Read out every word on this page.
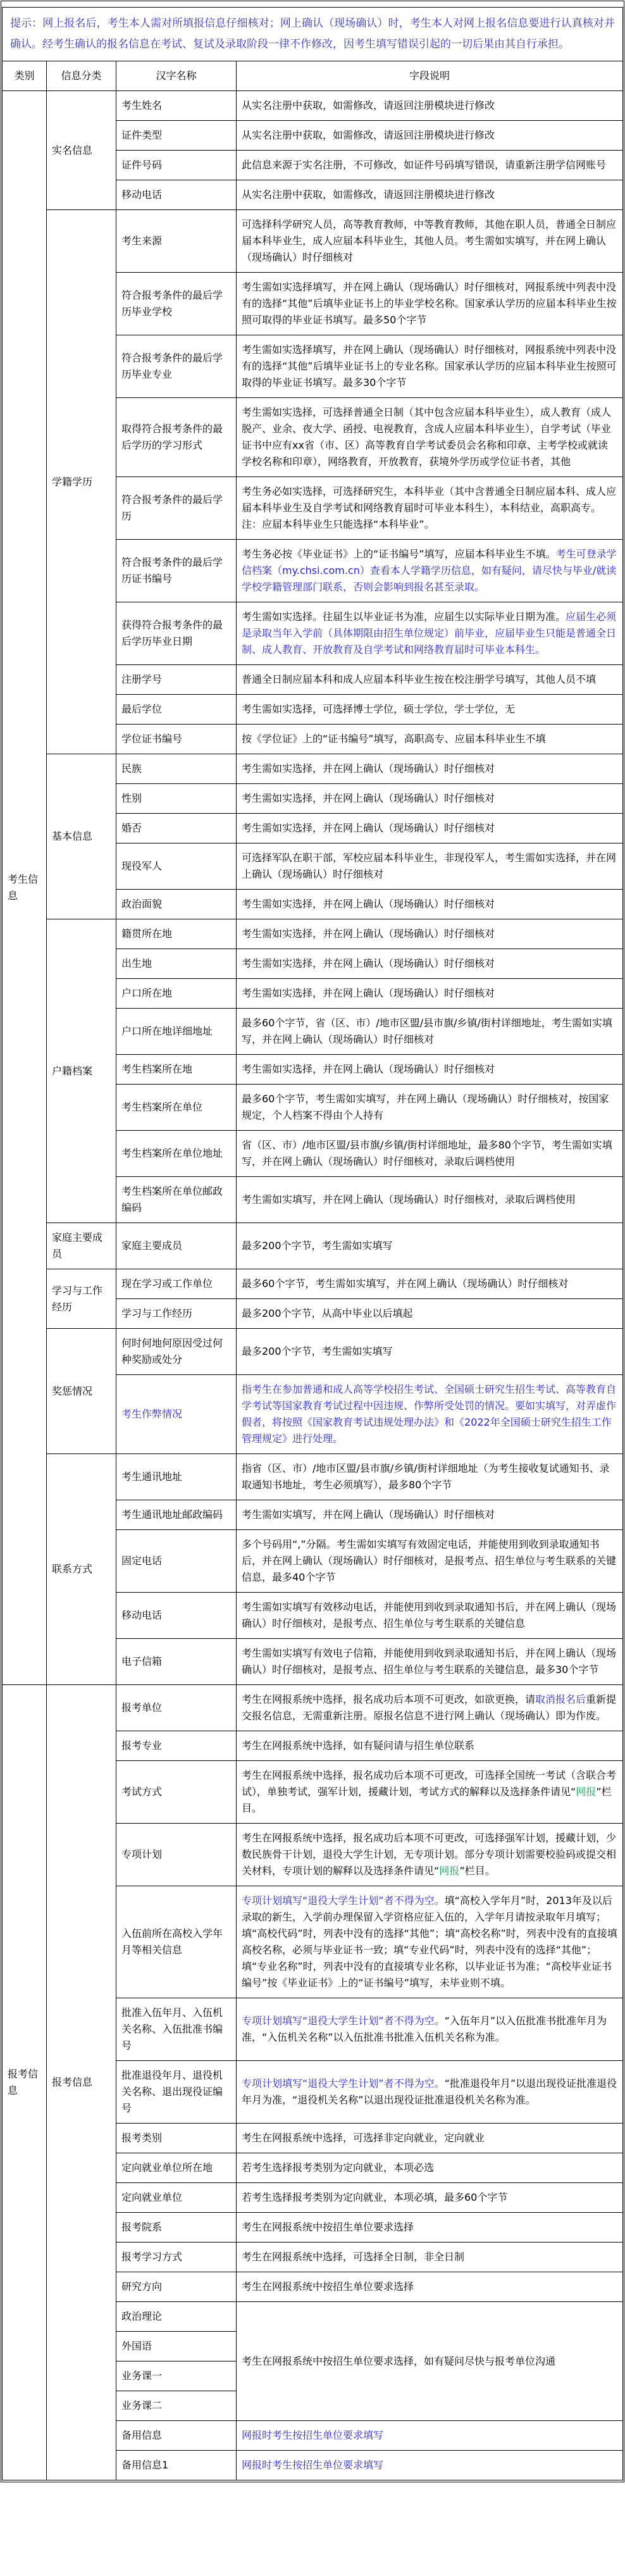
提示：网上报名后，考生本人需对所填报信息仔细核对；网上确认（现场确认）时，考生本人对网上报名信息要进行认真核对并确认。经考生确认的报名信息在考试、复试及录取阶段一律不作修改，因考生填写错误引起的一切后果由其自行承担。
类别	信息分类	汉字名称	字段说明
考生信息	实名信息	考生姓名	从实名注册中获取，如需修改，请返回注册模块进行修改
		证件类型	从实名注册中获取，如需修改，请返回注册模块进行修改
		证件号码	此信息来源于实名注册，不可修改，如证件号码填写错误，请重新注册学信网账号
		移动电话	从实名注册中获取，如需修改，请返回注册模块进行修改
	学籍学历	考生来源	可选择科学研究人员，高等教育教师，中等教育教师，其他在职人员，普通全日制应届本科毕业生，成人应届本科毕业生，其他人员。考生需如实填写，并在网上确认（现场确认）时仔细核对
		符合报考条件的最后学历毕业学校	考生需如实选择填写，并在网上确认（现场确认）时仔细核对，网报系统中列表中没有的选择“其他”后填毕业证书上的毕业学校名称。国家承认学历的应届本科毕业生按照可取得的毕业证书填写。最多50个字节
		符合报考条件的最后学历毕业专业	考生需如实选择填写，并在网上确认（现场确认）时仔细核对，网报系统中列表中没有的选择“其他”后填毕业证书上的专业名称。国家承认学历的应届本科毕业生按照可取得的毕业证书填写。最多30个字节
		取得符合报考条件的最后学历的学习形式	考生需如实选择，可选择普通全日制（其中包含应届本科毕业生），成人教育（成人脱产、业余、夜大学、函授、电视教育，含成人应届本科毕业生），自学考试（毕业证书中应有xx省（市、区）高等教育自学考试委员会名称和印章、主考学校或就读学校名称和印章），网络教育，开放教育，获境外学历或学位证书者，其他
		符合报考条件的最后学历	考生务必如实选择，可选择研究生，本科毕业（其中含普通全日制应届本科、成人应届本科毕业生及自学考试和网络教育届时可毕业本科生），本科结业，高职高专。注：应届本科毕业生只能选择“本科毕业”。
		符合报考条件的最后学历证书编号	考生务必按《毕业证书》上的“证书编号”填写，应届本科毕业生不填。考生可登录学信档案（my.chsi.com.cn）查看本人学籍学历信息，如有疑问，请尽快与毕业/就读学校学籍管理部门联系，否则会影响到报名甚至录取。
		获得符合报考条件的最后学历毕业日期	考生需如实选择。往届生以毕业证书为准，应届生以实际毕业日期为准。应届生必须是录取当年入学前（具体期限由招生单位规定）前毕业，应届毕业生只能是普通全日制、成人教育、开放教育及自学考试和网络教育届时可毕业本科生。
		注册学号	普通全日制应届本科和成人应届本科毕业生按在校注册学号填写，其他人员不填
		最后学位	考生需如实选择，可选择博士学位，硕士学位，学士学位，无
		学位证书编号	按《学位证》上的“证书编号”填写，高职高专、应届本科毕业生不填
	基本信息	民族	考生需如实选择，并在网上确认（现场确认）时仔细核对
		性别	考生需如实选择，并在网上确认（现场确认）时仔细核对
		婚否	考生需如实选择，并在网上确认（现场确认）时仔细核对
		现役军人	可选择军队在职干部，军校应届本科毕业生，非现役军人，考生需如实选择，并在网上确认（现场确认）时仔细核对
		政治面貌	考生需如实选择，并在网上确认（现场确认）时仔细核对
	户籍档案	籍贯所在地	考生需如实选择，并在网上确认（现场确认）时仔细核对
		出生地	考生需如实选择，并在网上确认（现场确认）时仔细核对
		户口所在地	考生需如实选择，并在网上确认（现场确认）时仔细核对
		户口所在地详细地址	最多60个字节，省（区、市）/地市区盟/县市旗/乡镇/街村详细地址，考生需如实填写，并在网上确认（现场确认）时仔细核对
		考生档案所在地	考生需如实选择，并在网上确认（现场确认）时仔细核对
		考生档案所在单位	最多60个字节，考生需如实填写，并在网上确认（现场确认）时仔细核对，按国家规定，个人档案不得由个人持有
		考生档案所在单位地址	省（区、市）/地市区盟/县市旗/乡镇/街村详细地址，最多80个字节，考生需如实填写，并在网上确认（现场确认）时仔细核对，录取后调档使用
		考生档案所在单位邮政编码	考生需如实填写，并在网上确认（现场确认）时仔细核对，录取后调档使用
	家庭主要成员	家庭主要成员	最多200个字节，考生需如实填写
	学习与工作经历	现在学习或工作单位	最多60个字节，考生需如实填写，并在网上确认（现场确认）时仔细核对
		学习与工作经历	最多200个字节，从高中毕业以后填起
	奖惩情况	何时何地何原因受过何种奖励或处分	最多200个字节，考生需如实填写
		考生作弊情况	指考生在参加普通和成人高等学校招生考试、全国硕士研究生招生考试、高等教育自学考试等国家教育考试过程中因违规、作弊所受处罚的情况。要如实填写，对弄虚作假者，将按照《国家教育考试违规处理办法》和《2022年全国硕士研究生招生工作管理规定》进行处理。
	联系方式	考生通讯地址	指省（区、市）/地市区盟/县市旗/乡镇/街村详细地址（为考生接收复试通知书、录取通知书地址，考生必须填写），最多80个字节
		考生通讯地址邮政编码	考生需如实填写，并在网上确认（现场确认）时仔细核对
		固定电话	多个号码用“,”分隔。考生需如实填写有效固定电话，并能使用到收到录取通知书后，并在网上确认（现场确认）时仔细核对，是报考点、招生单位与考生联系的关键信息，最多40个字节
		移动电话	考生需如实填写有效移动电话，并能使用到收到录取通知书后，并在网上确认（现场确认）时仔细核对，是报考点、招生单位与考生联系的关键信息
		电子信箱	考生需如实填写有效电子信箱，并能使用到收到录取通知书后，并在网上确认（现场确认）时仔细核对，是报考点、招生单位与考生联系的关键信息，最多30个字节
报考信息	报考信息	报考单位	考生在网报系统中选择，报名成功后本项不可更改，如欲更换，请取消报名后重新提交报名信息，无需重新注册。原报名信息不进行网上确认（现场确认）即为作废。
		报考专业	考生在网报系统中选择，如有疑问请与招生单位联系
		考试方式	考生在网报系统中选择，报名成功后本项不可更改，可选择全国统一考试（含联合考试），单独考试，强军计划，援藏计划，考试方式的解释以及选择条件请见“网报”栏目。
		专项计划	考生在网报系统中选择，报名成功后本项不可更改，可选择强军计划，援藏计划，少数民族骨干计划，退役大学生计划，无专项计划。部分专项计划需要校验码或提交相关材料，专项计划的解释以及选择条件请见“网报”栏目。
		入伍前所在高校入学年月等相关信息	专项计划填写“退役大学生计划”者不得为空。填“高校入学年月”时，2013年及以后录取的新生，入学前办理保留入学资格应征入伍的，入学年月请按录取年月填写；填“高校代码”时，列表中没有的选择“其他”；填“高校名称”时，列表中没有的直接填高校名称，必须与毕业证书一致；填“专业代码”时，列表中没有的选择“其他”；填“专业名称”时，列表中没有的直接填专业名称，以毕业证书为准；“高校毕业证书编号”按《毕业证书》上的“证书编号”填写，未毕业则不填。
		批准入伍年月、入伍机关名称、入伍批准书编号	专项计划填写“退役大学生计划”者不得为空。“入伍年月”以入伍批准书批准年月为准，“入伍机关名称”以入伍批准书批准入伍机关名称为准。
		批准退役年月、退役机关名称、退出现役证编号	专项计划填写“退役大学生计划”者不得为空。“批准退役年月”以退出现役证批准退役年月为准，“退役机关名称”以退出现役证批准退役机关名称为准。
		报考类别	考生在网报系统中选择，可选择非定向就业，定向就业
		定向就业单位所在地	若考生选择报考类别为定向就业，本项必选
		定向就业单位	若考生选择报考类别为定向就业，本项必填，最多60个字节
		报考院系	考生在网报系统中按招生单位要求选择
		报考学习方式	考生在网报系统中选择，可选择全日制，非全日制
		研究方向	考生在网报系统中按招生单位要求选择
		政治理论	考生在网报系统中按招生单位要求选择，如有疑问尽快与报考单位沟通
		外国语	
		业务课一	
		业务课二	
		备用信息	网报时考生按招生单位要求填写
		备用信息1	网报时考生按招生单位要求填写
